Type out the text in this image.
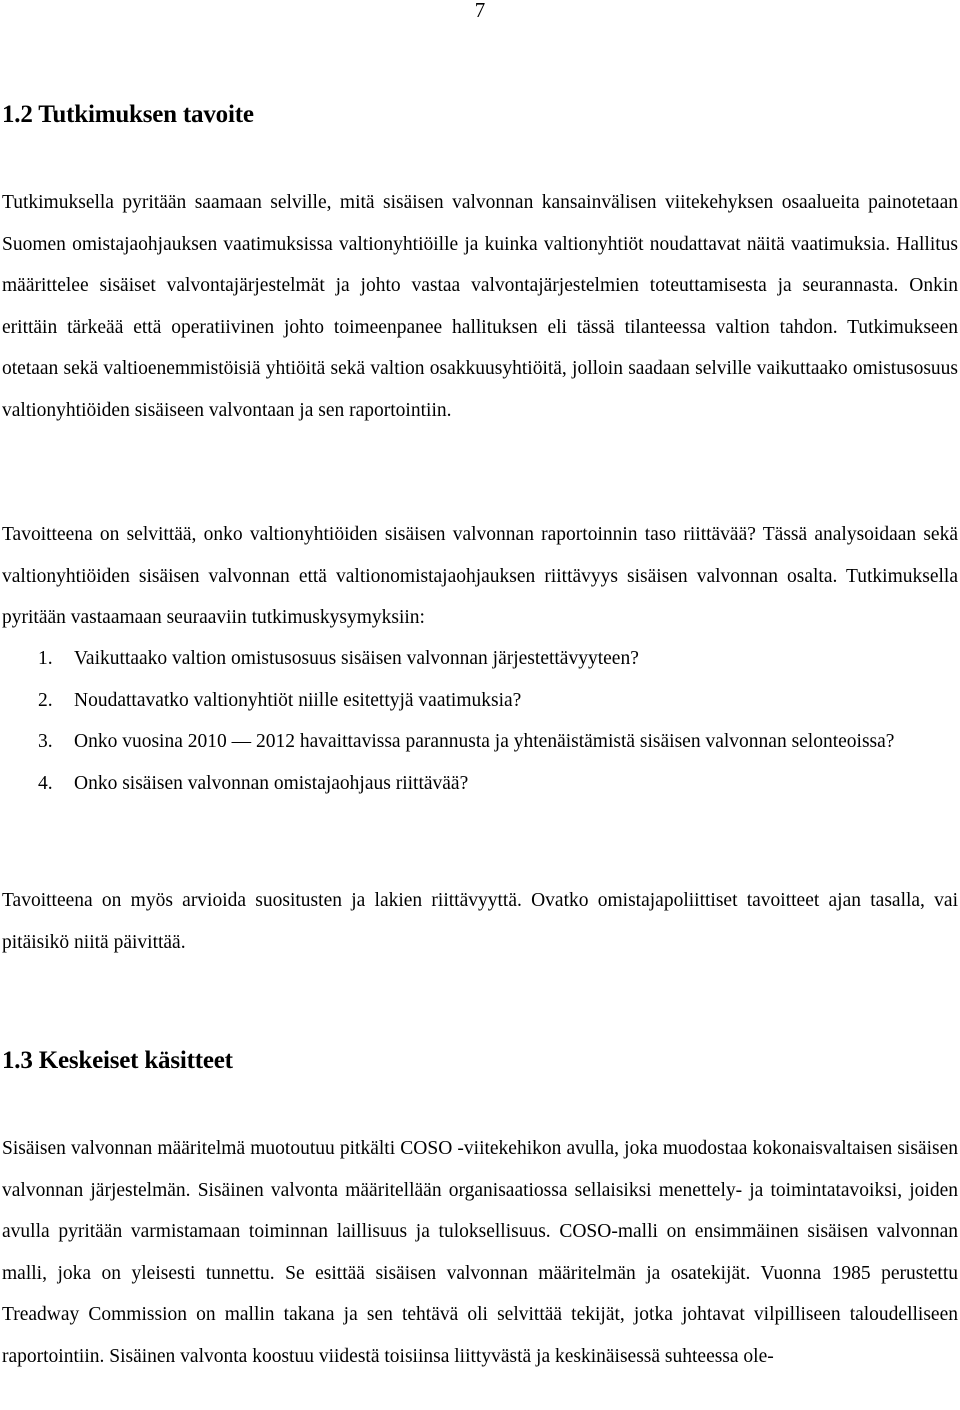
7
1.2 Tutkimuksen tavoite

Tutkimuksella pyritään saamaan selville, mitä sisäisen valvonnan kansainvälisen viitekehyksen osaalueita painotetaan Suomen omistajaohjauksen vaatimuksissa valtionyhtiöille ja kuinka valtionyhtiöt noudattavat näitä vaatimuksia. Hallitus määrittelee sisäiset valvontajärjestelmät ja johto vastaa valvontajärjestelmien toteuttamisesta ja seurannasta. Onkin erittäin tärkeää että operatiivinen johto toimeenpanee hallituksen eli tässä tilanteessa valtion tahdon. Tutkimukseen otetaan sekä valtioenemmistöisiä yhtiöitä sekä valtion osakkuusyhtiöitä, jolloin saadaan selville vaikuttaako omistusosuus valtionyhtiöiden sisäiseen valvontaan ja sen raportointiin.

Tavoitteena on selvittää, onko valtionyhtiöiden sisäisen valvonnan raportoinnin taso riittävää? Tässä analysoidaan sekä valtionyhtiöiden sisäisen valvonnan että valtionomistajaohjauksen riittävyys sisäisen valvonnan osalta. Tutkimuksella pyritään vastaamaan seuraaviin tutkimuskysymyksiin:

1. Vaikuttaako valtion omistusosuus sisäisen valvonnan järjestettävyyteen?
2. Noudattavatko valtionyhtiöt niille esitettyjä vaatimuksia?
3. Onko vuosina 2010 — 2012 havaittavissa parannusta ja yhtenäistämistä sisäisen valvonnan selonteoissa?
4. Onko sisäisen valvonnan omistajaohjaus riittävää?

Tavoitteena on myös arvioida suositusten ja lakien riittävyyttä. Ovatko omistajapoliittiset tavoitteet ajan tasalla, vai pitäisikö niitä päivittää.

1.3 Keskeiset käsitteet

Sisäisen valvonnan määritelmä muotoutuu pitkälti COSO -viitekehikon avulla, joka muodostaa kokonaisvaltaisen sisäisen valvonnan järjestelmän. Sisäinen valvonta määritellään organisaatiossa sellaisiksi menettely- ja toimintatavoiksi, joiden avulla pyritään varmistamaan toiminnan laillisuus ja tuloksellisuus. COSO-malli on ensimmäinen sisäisen valvonnan malli, joka on yleisesti tunnettu. Se esittää sisäisen valvonnan määritelmän ja osatekijät. Vuonna 1985 perustettu Treadway Commission on mallin takana ja sen tehtävä oli selvittää tekijät, jotka johtavat vilpilliseen taloudelliseen raportointiin. Sisäinen valvonta koostuu viidestä toisiinsa liittyvästä ja keskinäisessä suhteessa ole-
